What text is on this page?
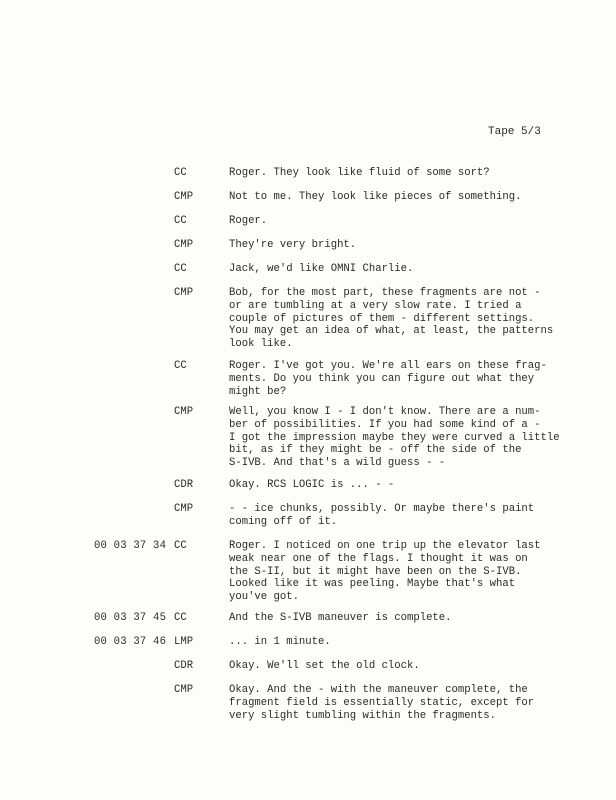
Tape 5/3
CC	Roger. They look like fluid of some sort?
CMP	Not to me. They look like pieces of something.
CC	Roger.
CMP	They're very bright.
CC	Jack, we'd like OMNI Charlie.
CMP	Bob, for the most part, these fragments are not -
or are tumbling at a very slow rate. I tried a
couple of pictures of them - different settings.
You may get an idea of what, at least, the patterns
look like.
CC	Roger. I've got you. We're all ears on these frag-
ments. Do you think you can figure out what they
might be?
CMP	Well, you know I - I don't know. There are a num-
ber of possibilities. If you had some kind of a -
I got the impression maybe they were curved a little
bit, as if they might be - off the side of the
S-IVB. And that's a wild guess - -
CDR	Okay. RCS LOGIC is ... - -
CMP	- - ice chunks, possibly. Or maybe there's paint
coming off of it.
00 03 37 34 CC	Roger. I noticed on one trip up the elevator last
weak near one of the flags. I thought it was on
the S-II, but it might have been on the S-IVB.
Looked like it was peeling. Maybe that's what
you've got.
00 03 37 45 CC	And the S-IVB maneuver is complete.
00 03 37 46 LMP	... in 1 minute.
CDR	Okay. We'll set the old clock.
CMP	Okay. And the - with the maneuver complete, the
fragment field is essentially static, except for
very slight tumbling within the fragments.
